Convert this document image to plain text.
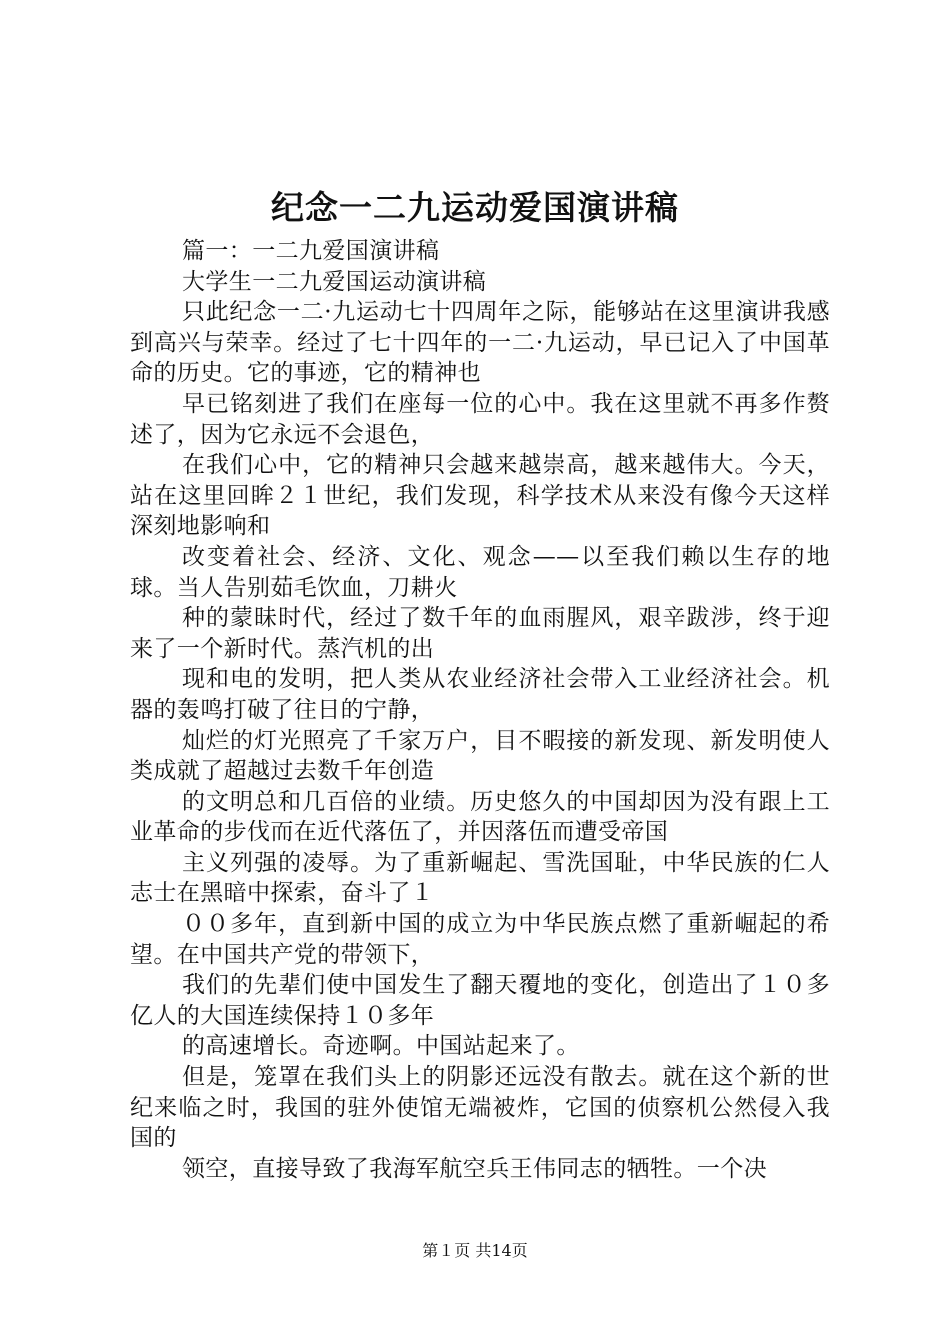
纪念一二九运动爱国演讲稿

篇一：一二九爱国演讲稿

大学生一二九爱国运动演讲稿

只此纪念一二·九运动七十四周年之际，能够站在这里演讲我感到高兴与荣幸。经过了七十四年的一二·九运动，早已记入了中国革命的历史。它的事迹，它的精神也

早已铭刻进了我们在座每一位的心中。我在这里就不再多作赘述了，因为它永远不会退色，

在我们心中，它的精神只会越来越崇高，越来越伟大。今天，站在这里回眸２１世纪，我们发现，科学技术从来没有像今天这样深刻地影响和

改变着社会、经济、文化、观念——以至我们赖以生存的地球。当人告别茹毛饮血，刀耕火

种的蒙昧时代，经过了数千年的血雨腥风，艰辛跋涉，终于迎来了一个新时代。蒸汽机的出

现和电的发明，把人类从农业经济社会带入工业经济社会。机器的轰鸣打破了往日的宁静，

灿烂的灯光照亮了千家万户，目不暇接的新发现、新发明使人类成就了超越过去数千年创造

的文明总和几百倍的业绩。历史悠久的中国却因为没有跟上工业革命的步伐而在近代落伍了，并因落伍而遭受帝国

主义列强的凌辱。为了重新崛起、雪洗国耻，中华民族的仁人志士在黑暗中探索，奋斗了１

００多年，直到新中国的成立为中华民族点燃了重新崛起的希望。在中国共产党的带领下，

我们的先辈们使中国发生了翻天覆地的变化，创造出了１０多亿人的大国连续保持１０多年

的高速增长。奇迹啊。中国站起来了。

但是，笼罩在我们头上的阴影还远没有散去。就在这个新的世纪来临之时，我国的驻外使馆无端被炸，它国的侦察机公然侵入我国的

领空，直接导致了我海军航空兵王伟同志的牺牲。一个决

第１页 共14页
